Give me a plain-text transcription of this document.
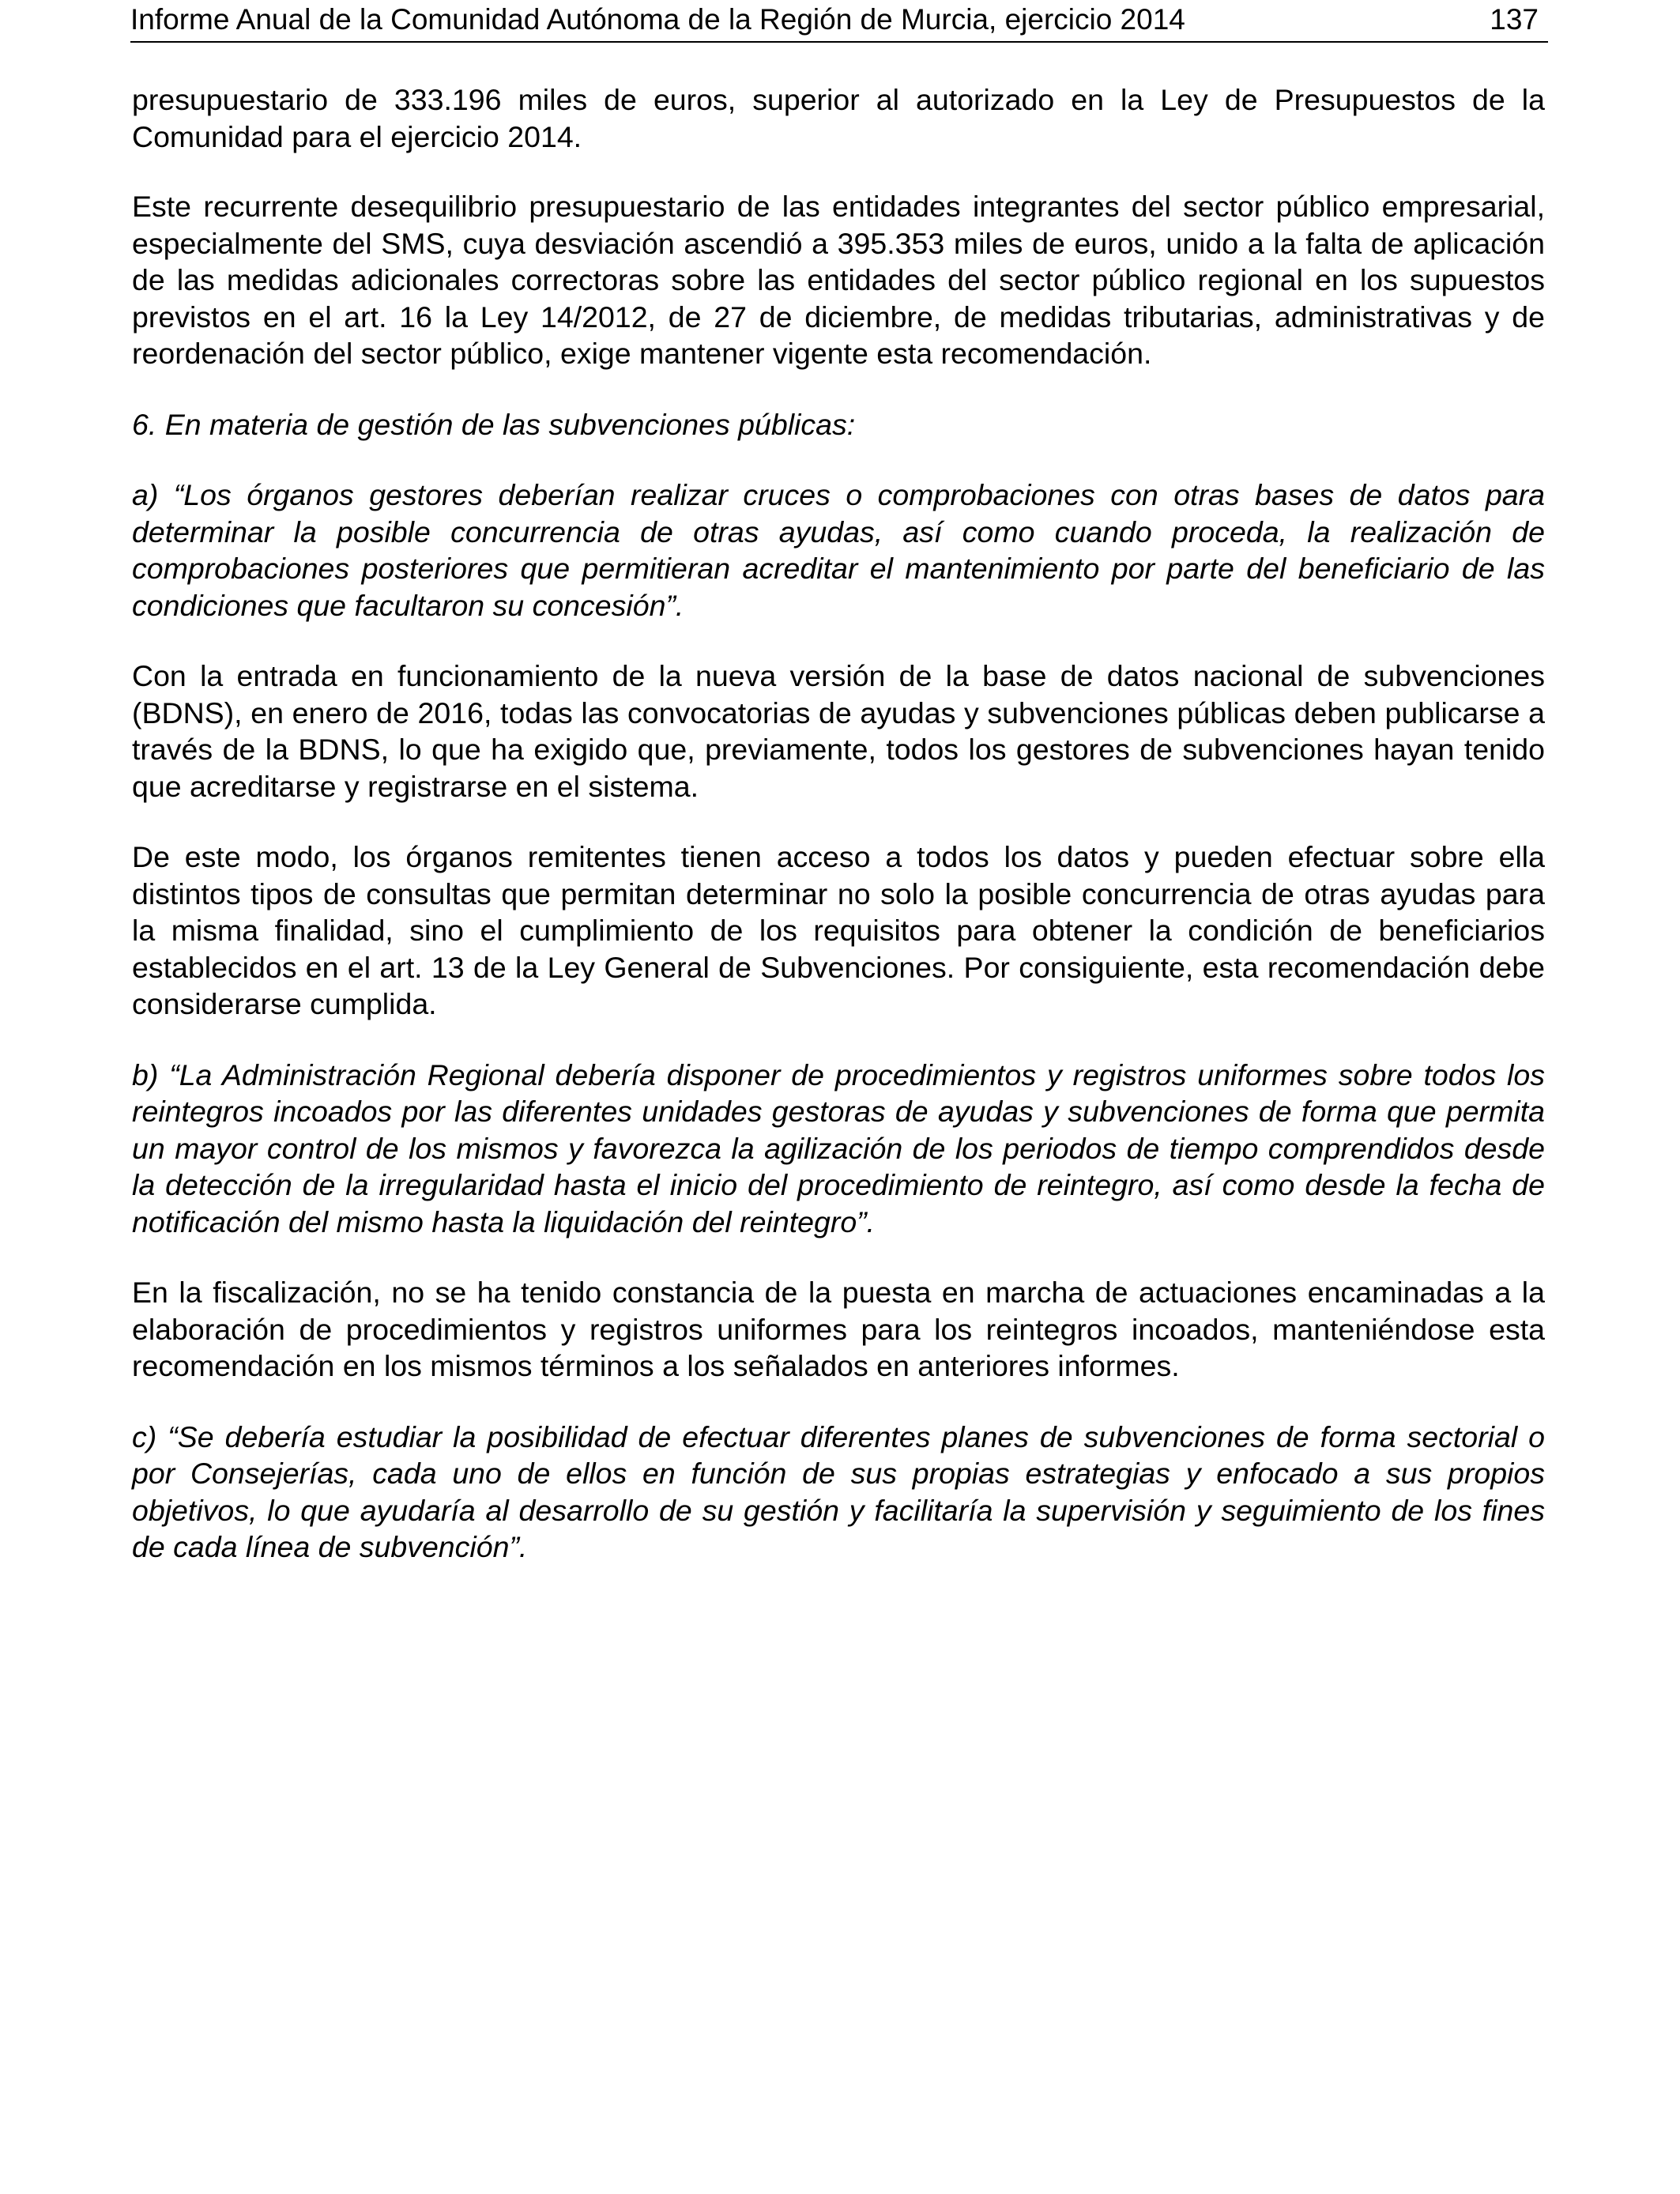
Informe Anual de la Comunidad Autónoma de la Región de Murcia, ejercicio 2014	137

presupuestario de 333.196 miles de euros, superior al autorizado en la Ley de Presupuestos de la Comunidad para el ejercicio 2014.

Este recurrente desequilibrio presupuestario de las entidades integrantes del sector público empresarial, especialmente del SMS, cuya desviación ascendió a 395.353 miles de euros, unido a la falta de aplicación de las medidas adicionales correctoras sobre las entidades del sector público regional en los supuestos previstos en el art. 16 la Ley 14/2012, de 27 de diciembre, de medidas tributarias, administrativas y de reordenación del sector público, exige mantener vigente esta recomendación.

6. En materia de gestión de las subvenciones públicas:

a) “Los órganos gestores deberían realizar cruces o comprobaciones con otras bases de datos para determinar la posible concurrencia de otras ayudas, así como cuando proceda, la realización de comprobaciones posteriores que permitieran acreditar el mantenimiento por parte del beneficiario de las condiciones que facultaron su concesión”.

Con la entrada en funcionamiento de la nueva versión de la base de datos nacional de subvenciones (BDNS), en enero de 2016, todas las convocatorias de ayudas y subvenciones públicas deben publicarse a través de la BDNS, lo que ha exigido que, previamente, todos los gestores de subvenciones hayan tenido que acreditarse y registrarse en el sistema.

De este modo, los órganos remitentes tienen acceso a todos los datos y pueden efectuar sobre ella distintos tipos de consultas que permitan determinar no solo la posible concurrencia de otras ayudas para la misma finalidad, sino el cumplimiento de los requisitos para obtener la condición de beneficiarios establecidos en el art. 13 de la Ley General de Subvenciones. Por consiguiente, esta recomendación debe considerarse cumplida.

b) “La Administración Regional debería disponer de procedimientos y registros uniformes sobre todos los reintegros incoados por las diferentes unidades gestoras de ayudas y subvenciones de forma que permita un mayor control de los mismos y favorezca la agilización de los periodos de tiempo comprendidos desde la detección de la irregularidad hasta el inicio del procedimiento de reintegro, así como desde la fecha de notificación del mismo hasta la liquidación del reintegro”.

En la fiscalización, no se ha tenido constancia de la puesta en marcha de actuaciones encaminadas a la elaboración de procedimientos y registros uniformes para los reintegros incoados, manteniéndose esta recomendación en los mismos términos a los señalados en anteriores informes.

c) “Se debería estudiar la posibilidad de efectuar diferentes planes de subvenciones de forma sectorial o por Consejerías, cada uno de ellos en función de sus propias estrategias y enfocado a sus propios objetivos, lo que ayudaría al desarrollo de su gestión y facilitaría la supervisión y seguimiento de los fines de cada línea de subvención”.
